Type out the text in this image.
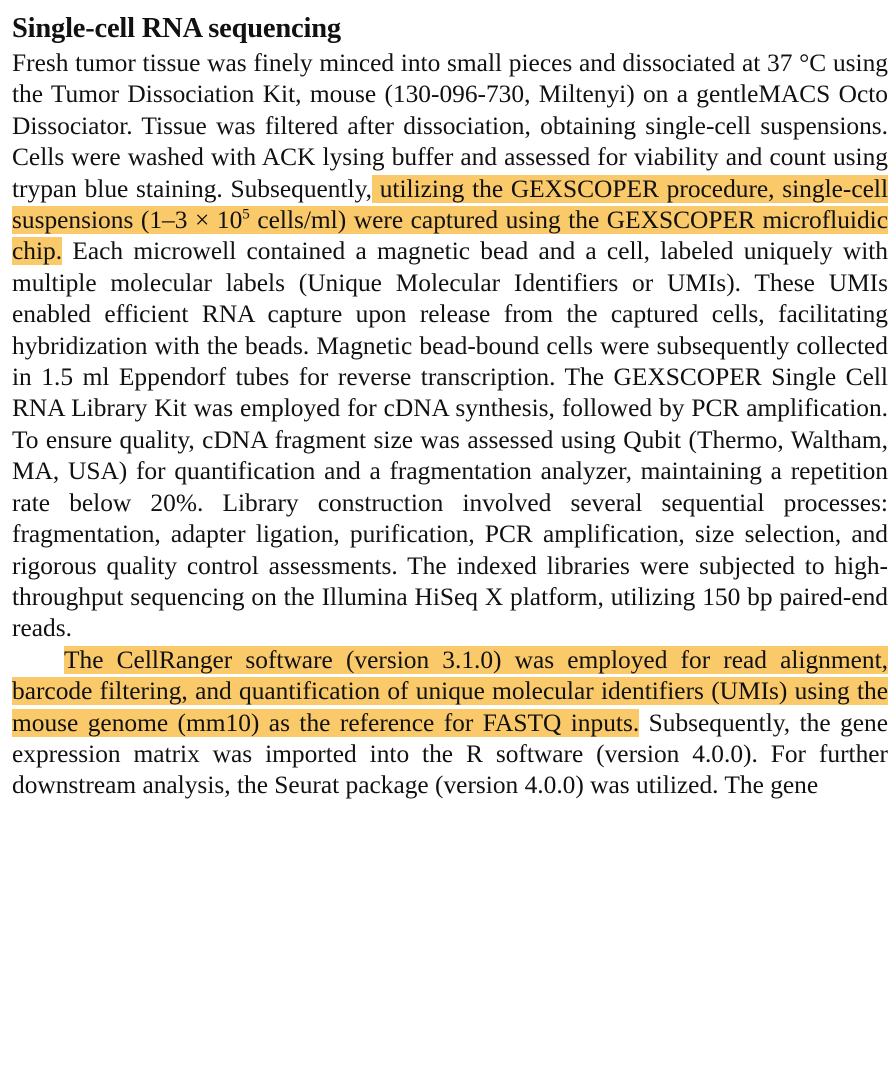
Single-cell RNA sequencing

Fresh tumor tissue was finely minced into small pieces and dissociated at 37 °C using the Tumor Dissociation Kit, mouse (130-096-730, Miltenyi) on a gentleMACS Octo Dissociator. Tissue was filtered after dissociation, obtaining single-cell suspensions. Cells were washed with ACK lysing buffer and assessed for viability and count using trypan blue staining. Subsequently, utilizing the GEXSCOPER procedure, single-cell suspensions ($1-3 \times 10^5$ cells/ml) were captured using the GEXSCOPER microfluidic chip. Each microwell contained a magnetic bead and a cell, labeled uniquely with multiple molecular labels (Unique Molecular Identifiers or UMIs). These UMIs enabled efficient RNA capture upon release from the captured cells, facilitating hybridization with the beads. Magnetic bead-bound cells were subsequently collected in 1.5 ml Eppendorf tubes for reverse transcription. The GEXSCOPER Single Cell RNA Library Kit was employed for cDNA synthesis, followed by PCR amplification. To ensure quality, cDNA fragment size was assessed using Qubit (Thermo, Waltham, MA, USA) for quantification and a fragmentation analyzer, maintaining a repetition rate below 20%. Library construction involved several sequential processes: fragmentation, adapter ligation, purification, PCR amplification, size selection, and rigorous quality control assessments. The indexed libraries were subjected to high-throughput sequencing on the Illumina HiSeq X platform, utilizing 150 bp paired-end reads.

The CellRanger software (version 3.1.0) was employed for read alignment, barcode filtering, and quantification of unique molecular identifiers (UMIs) using the mouse genome (mm10) as the reference for FASTQ inputs. Subsequently, the gene expression matrix was imported into the R software (version 4.0.0). For further downstream analysis, the Seurat package (version 4.0.0) was utilized. The gene
